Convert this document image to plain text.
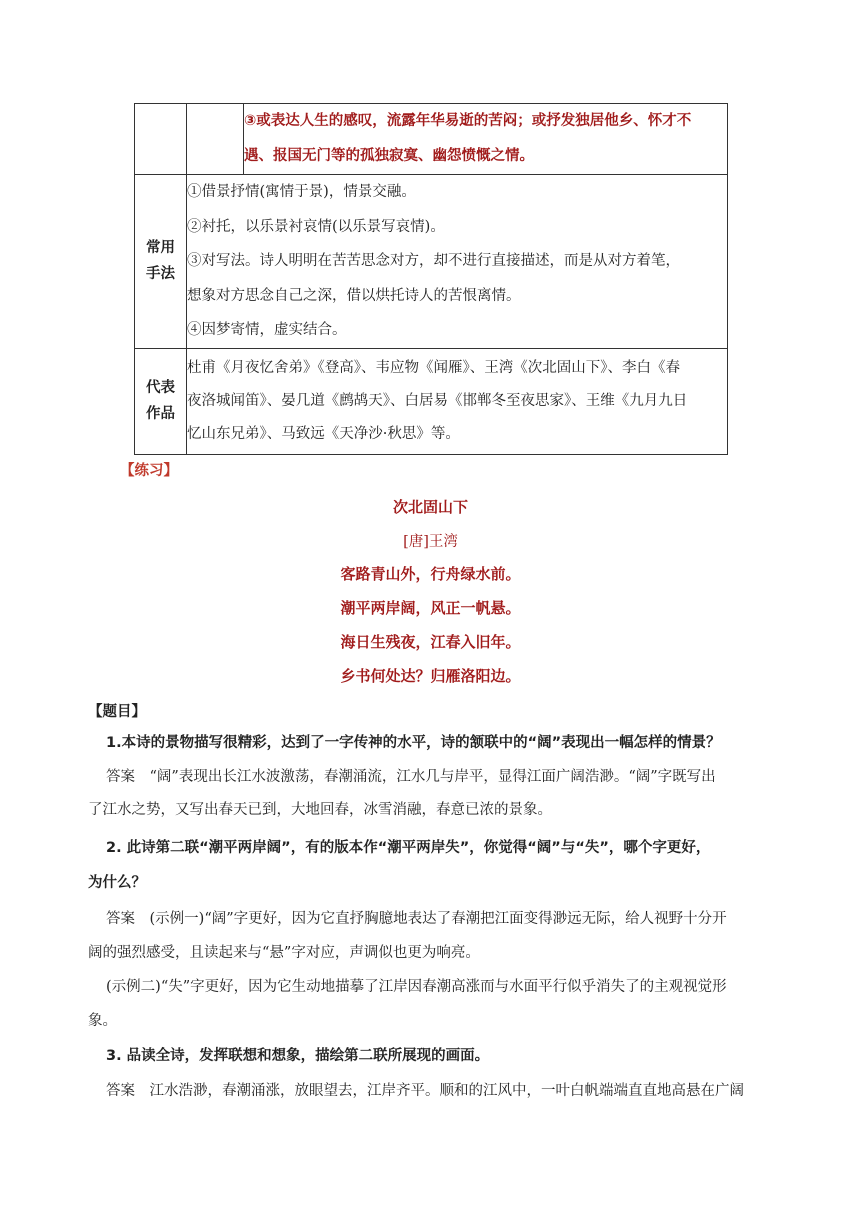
		③或表达人生的感叹，流露年华易逝的苦闷；或抒发独居他乡、怀才不
遇、报国无门等的孤独寂寞、幽怨愤慨之情。

常用
手法	①借景抒情(寓情于景)，情景交融。
②衬托，以乐景衬哀情(以乐景写哀情)。
③对写法。诗人明明在苦苦思念对方，却不进行直接描述，而是从对方着笔，
想象对方思念自己之深，借以烘托诗人的苦恨离情。
④因梦寄情，虚实结合。	

代表
作品	杜甫《月夜忆舍弟》《登高》、韦应物《闻雁》、王湾《次北固山下》、李白《春
夜洛城闻笛》、晏几道《鹧鸪天》、白居易《邯郸冬至夜思家》、王维《九月九日
忆山东兄弟》、马致远《天净沙·秋思》等。	
【练习】
次北固山下
[唐]王湾
客路青山外，行舟绿水前。
潮平两岸阔，风正一帆悬。
海日生残夜，江春入旧年。
乡书何处达？归雁洛阳边。
【题目】
1.本诗的景物描写很精彩，达到了一字传神的水平，诗的颔联中的“阔”表现出一幅怎样的情景？
答案　“阔”表现出长江水波激荡，春潮涌流，江水几与岸平，显得江面广阔浩渺。“阔”字既写出
了江水之势，又写出春天已到，大地回春，冰雪消融，春意已浓的景象。
2. 此诗第二联“潮平两岸阔”，有的版本作“潮平两岸失”，你觉得“阔”与“失”，哪个字更好，
为什么？
答案　(示例一)“阔”字更好，因为它直抒胸臆地表达了春潮把江面变得渺远无际，给人视野十分开
阔的强烈感受，且读起来与“悬”字对应，声调似也更为响亮。
(示例二)“失”字更好，因为它生动地描摹了江岸因春潮高涨而与水面平行似乎消失了的主观视觉形
象。
3. 品读全诗，发挥联想和想象，描绘第二联所展现的画面。
答案　江水浩渺，春潮涌涨，放眼望去，江岸齐平。顺和的江风中，一叶白帆端端直直地高悬在广阔
